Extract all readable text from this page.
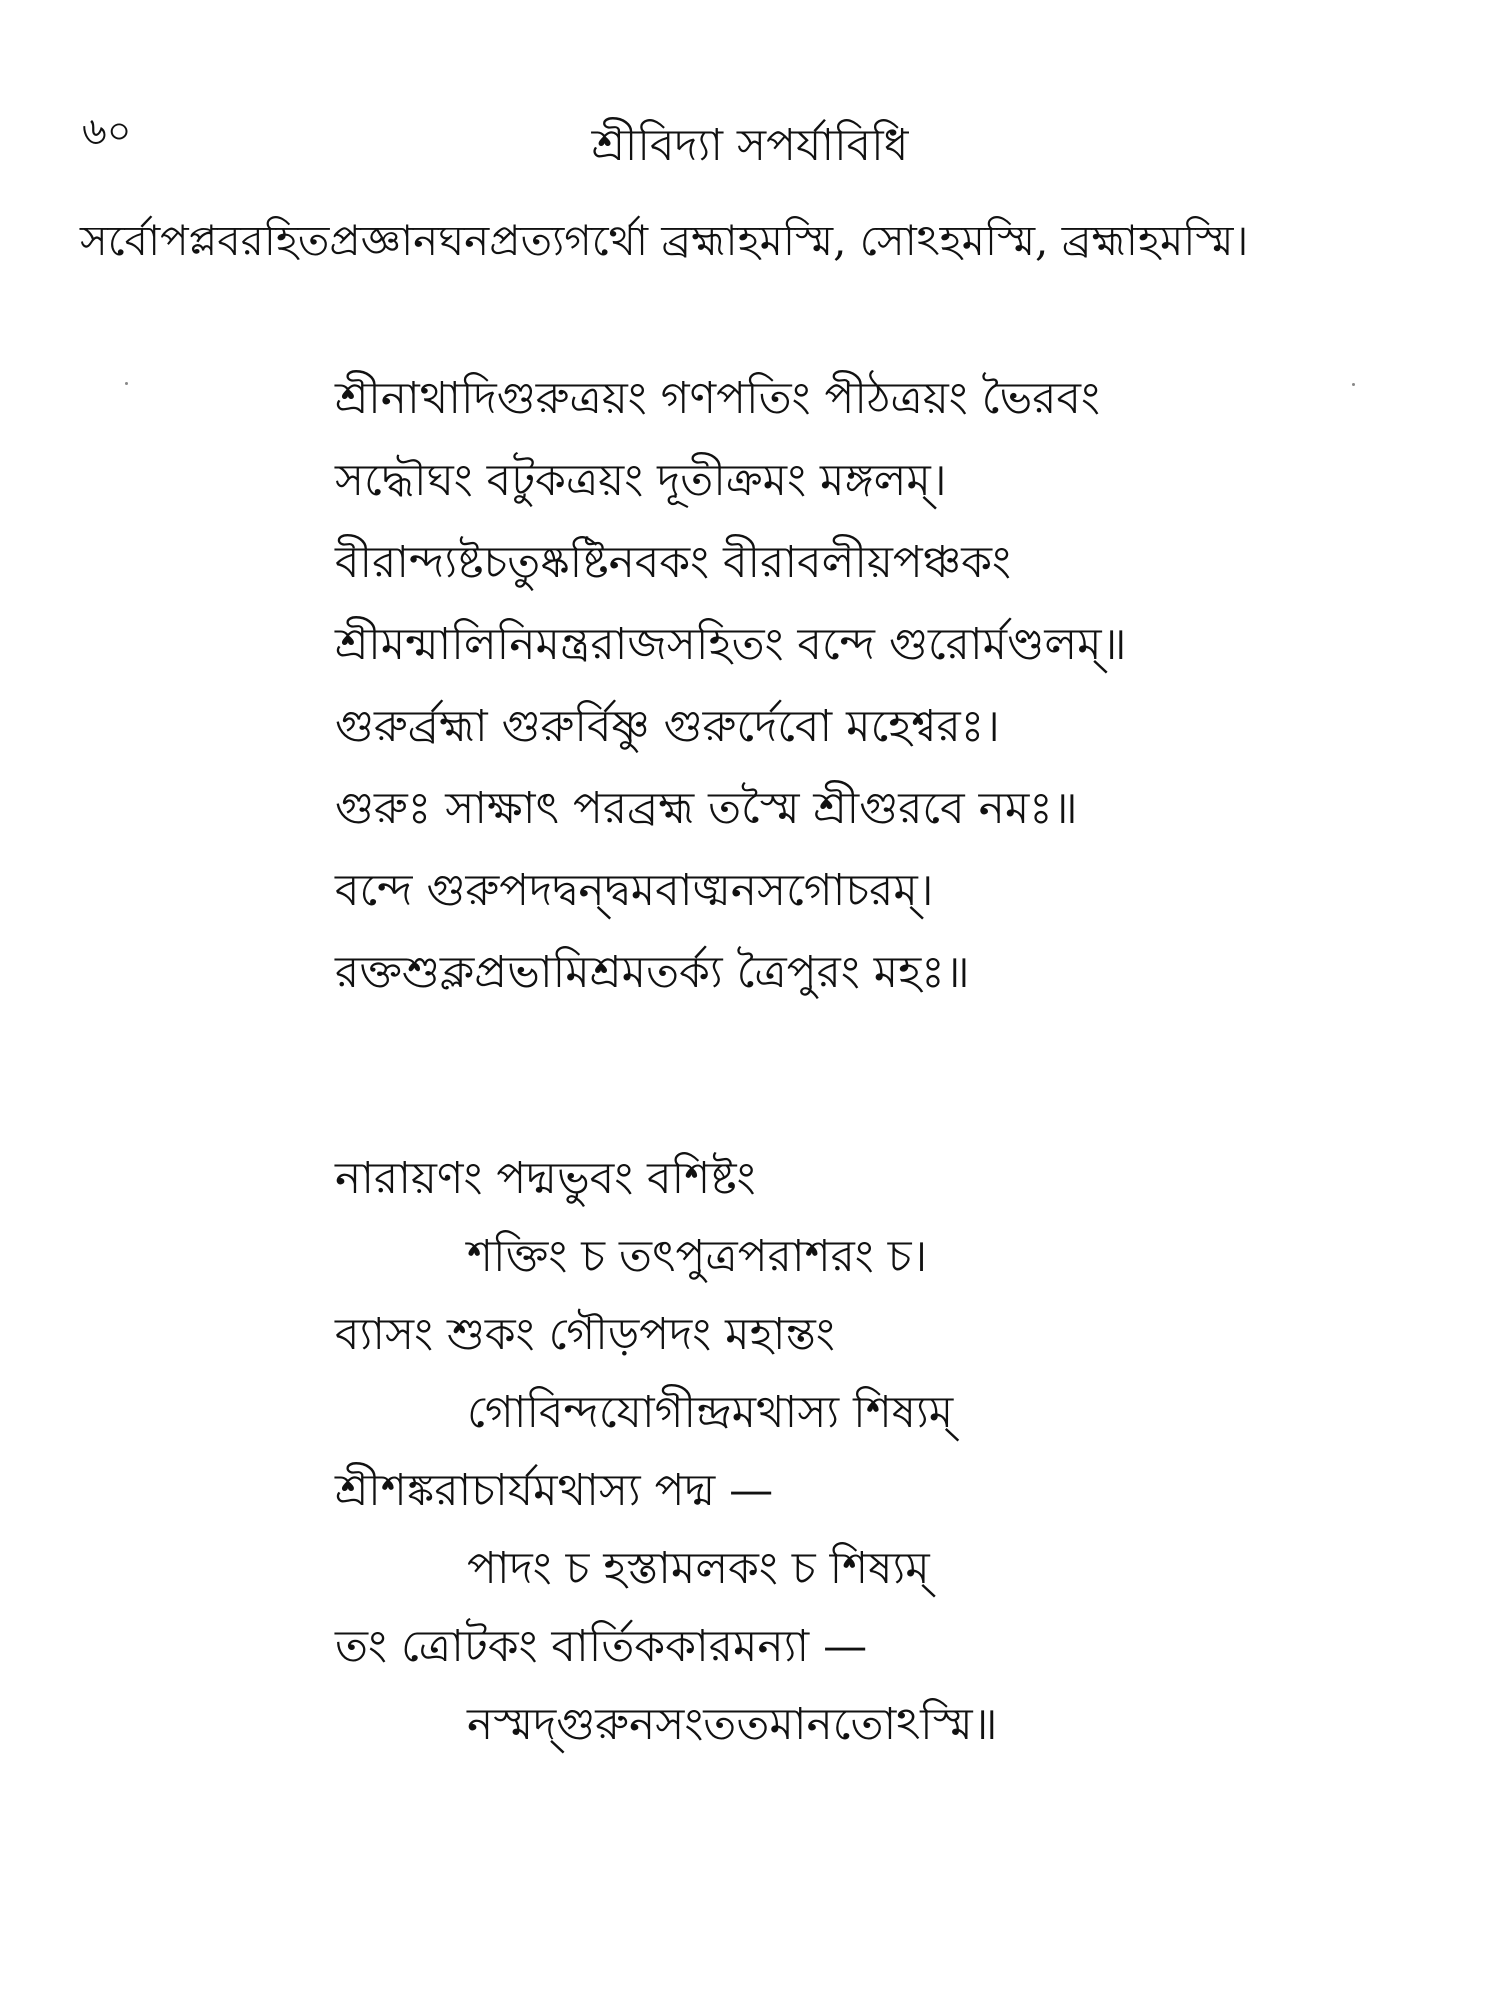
৬০	শ্রীবিদ্যা সপর্যাবিধি
সর্বোপপ্লবরহিতপ্রজ্ঞানঘনপ্রত্যগর্থো ব্রহ্মাহমস্মি, সোঽহমস্মি, ব্রহ্মাহমস্মি।
শ্রীনাথাদিগুরুত্রয়ং গণপতিং পীঠত্রয়ং ভৈরবং
সদ্ধৌঘং বটুকত্রয়ং দূতীক্রমং মঙ্গলম্।
বীরান্দ্যষ্টচতুষ্কষ্টিনবকং বীরাবলীয়পঞ্চকং
শ্রীমন্মালিনিমন্ত্ররাজসহিতং বন্দে গুরোর্মণ্ডলম্॥
গুরুর্ব্রহ্মা গুরুর্বিষ্ণু গুরুর্দেবো মহেশ্বরঃ।
গুরুঃ সাক্ষাৎ পরব্রহ্ম তস্মৈ শ্রীগুরবে নমঃ॥
বন্দে গুরুপদদ্বন্দ্বমবাঙ্মনসগোচরম্।
রক্তশুক্লপ্রভামিশ্রমতর্ক্য ত্রৈপুরং মহঃ॥
নারায়ণং পদ্মভুবং বশিষ্টং
শক্তিং চ তৎপুত্রপরাশরং চ।
ব্যাসং শুকং গৌড়পদং মহান্তং
গোবিন্দযোগীন্দ্রমথাস্য শিষ্যম্
শ্রীশঙ্করাচার্যমথাস্য পদ্ম —
পাদং চ হস্তামলকং চ শিষ্যম্
তং ত্রোটকং বার্তিককারমন্যা —
নস্মদ্গুরুনসংততমানতোঽস্মি॥
